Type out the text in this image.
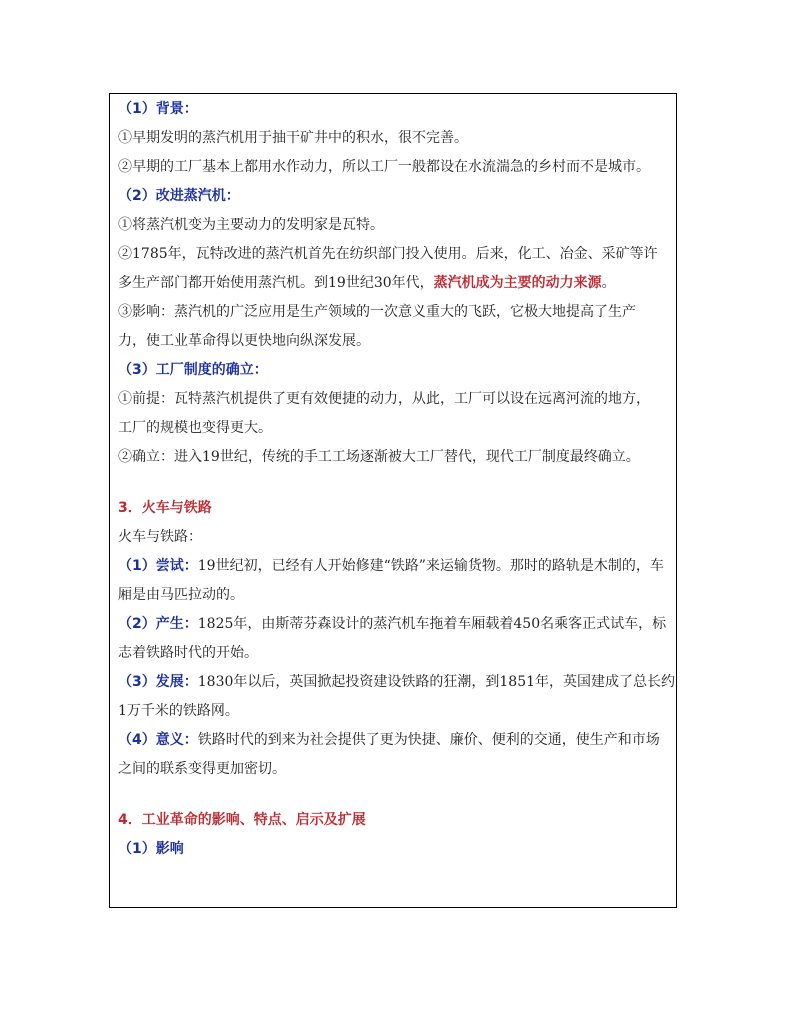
（1）背景：
①早期发明的蒸汽机用于抽干矿井中的积水，很不完善。
②早期的工厂基本上都用水作动力，所以工厂一般都设在水流湍急的乡村而不是城市。
（2）改进蒸汽机：
①将蒸汽机变为主要动力的发明家是瓦特。
②1785年，瓦特改进的蒸汽机首先在纺织部门投入使用。后来，化工、冶金、采矿等许
多生产部门都开始使用蒸汽机。到19世纪30年代，蒸汽机成为主要的动力来源。
③影响：蒸汽机的广泛应用是生产领域的一次意义重大的飞跃，它极大地提高了生产
力，使工业革命得以更快地向纵深发展。
（3）工厂制度的确立：
①前提：瓦特蒸汽机提供了更有效便捷的动力，从此，工厂可以设在远离河流的地方，
工厂的规模也变得更大。
②确立：进入19世纪，传统的手工工场逐渐被大工厂替代，现代工厂制度最终确立。
3．火车与铁路
火车与铁路：
（1）尝试：19世纪初，已经有人开始修建“铁路”来运输货物。那时的路轨是木制的，车
厢是由马匹拉动的。
（2）产生：1825年，由斯蒂芬森设计的蒸汽机车拖着车厢载着450名乘客正式试车，标
志着铁路时代的开始。
（3）发展：1830年以后，英国掀起投资建设铁路的狂潮，到1851年，英国建成了总长约
1万千米的铁路网。
（4）意义：铁路时代的到来为社会提供了更为快捷、廉价、便利的交通，使生产和市场
之间的联系变得更加密切。
4．工业革命的影响、特点、启示及扩展
（1）影响
